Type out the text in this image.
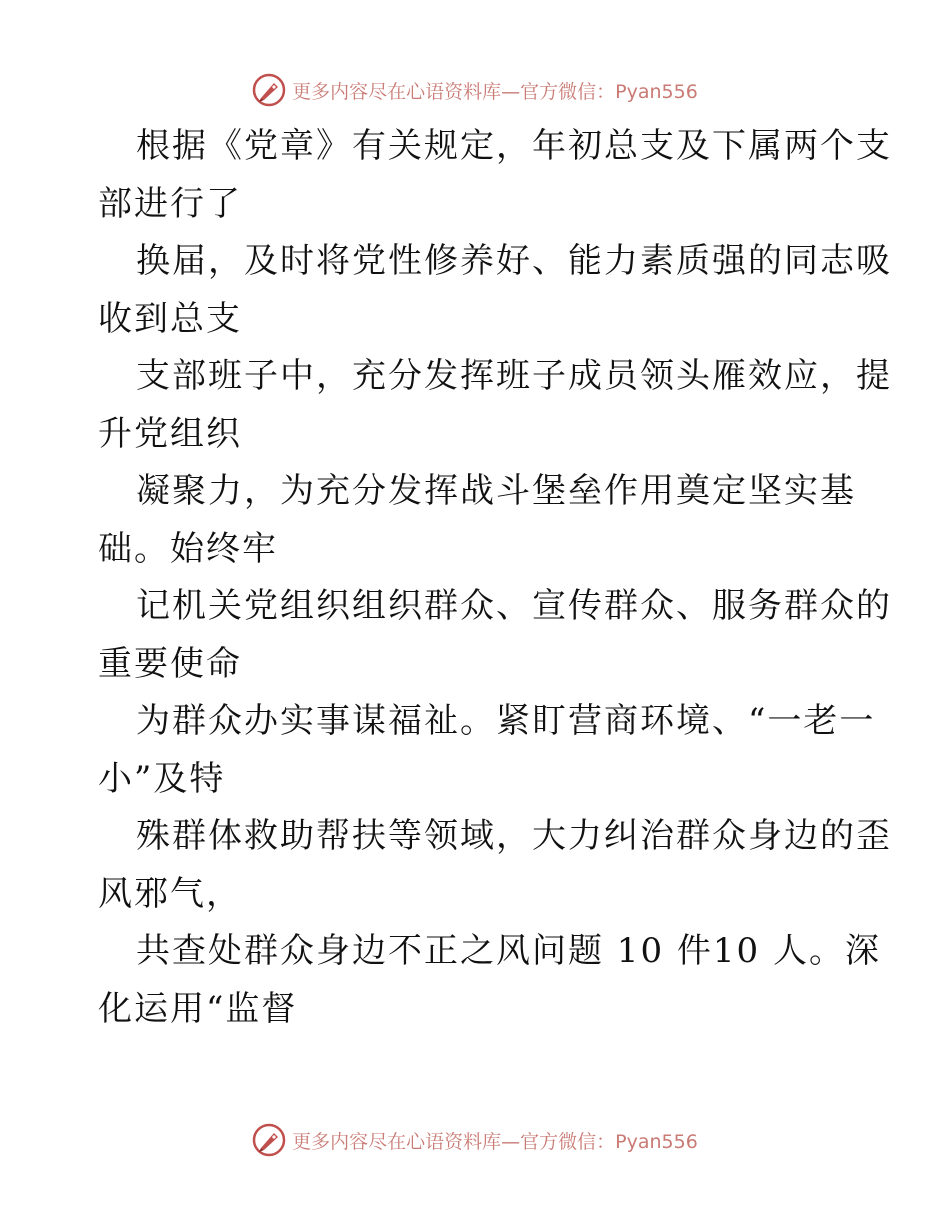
更多内容尽在心语资料库—官方微信：Pyan556
根据《党章》有关规定，年初总支及下属两个支
部进行了
换届，及时将党性修养好、能力素质强的同志吸
收到总支
支部班子中，充分发挥班子成员领头雁效应，提
升党组织
凝聚力，为充分发挥战斗堡垒作用奠定坚实基
础。始终牢
记机关党组织组织群众、宣传群众、服务群众的
重要使命
为群众办实事谋福祉。紧盯营商环境、“一老一
小”及特
殊群体救助帮扶等领域，大力纠治群众身边的歪
风邪气，
共查处群众身边不正之风问题 10 件10 人。深
化运用“监督
更多内容尽在心语资料库—官方微信：Pyan556
